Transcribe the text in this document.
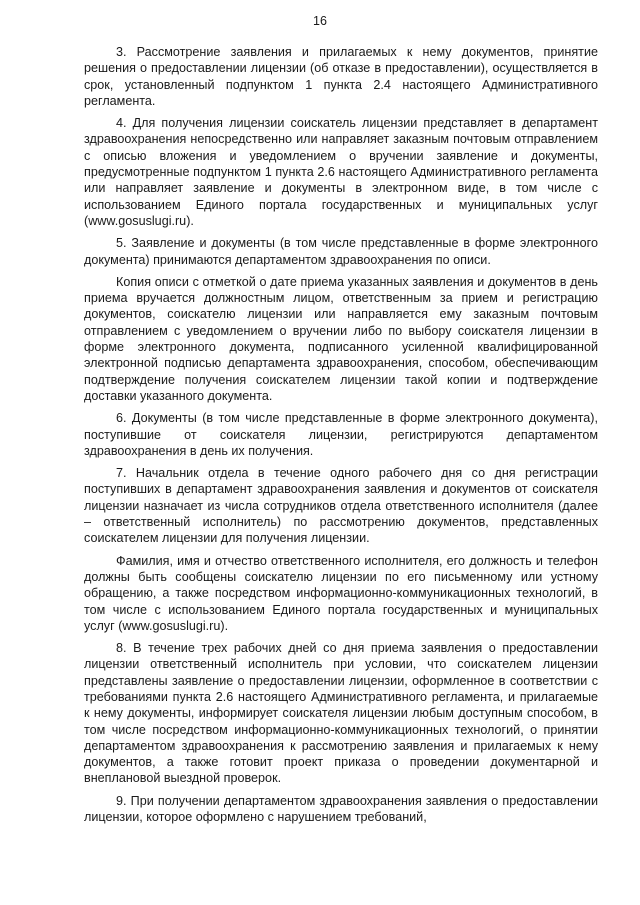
16

3. Рассмотрение заявления и прилагаемых к нему документов, принятие решения о предоставлении лицензии (об отказе в предоставлении), осуществляется в срок, установленный подпунктом 1 пункта 2.4 настоящего Административного регламента.

4. Для получения лицензии соискатель лицензии представляет в департамент здравоохранения непосредственно или направляет заказным почтовым отправлением с описью вложения и уведомлением о вручении заявление и документы, предусмотренные подпунктом 1 пункта 2.6 настоящего Административного регламента или направляет заявление и документы в электронном виде, в том числе с использованием Единого портала государственных и муниципальных услуг (www.gosuslugi.ru).

5. Заявление и документы (в том числе представленные в форме электронного документа) принимаются департаментом здравоохранения по описи.

Копия описи с отметкой о дате приема указанных заявления и документов в день приема вручается должностным лицом, ответственным за прием и регистрацию документов, соискателю лицензии или направляется ему заказным почтовым отправлением с уведомлением о вручении либо по выбору соискателя лицензии в форме электронного документа, подписанного усиленной квалифицированной электронной подписью департамента здравоохранения, способом, обеспечивающим подтверждение получения соискателем лицензии такой копии и подтверждение доставки указанного документа.

6. Документы (в том числе представленные в форме электронного документа), поступившие от соискателя лицензии, регистрируются департаментом здравоохранения в день их получения.

7. Начальник отдела в течение одного рабочего дня со дня регистрации поступивших в департамент здравоохранения заявления и документов от соискателя лицензии назначает из числа сотрудников отдела ответственного исполнителя (далее – ответственный исполнитель) по рассмотрению документов, представленных соискателем лицензии для получения лицензии.

Фамилия, имя и отчество ответственного исполнителя, его должность и телефон должны быть сообщены соискателю лицензии по его письменному или устному обращению, а также посредством информационно-коммуникационных технологий, в том числе с использованием Единого портала государственных и муниципальных услуг (www.gosuslugi.ru).

8. В течение трех рабочих дней со дня приема заявления о предоставлении лицензии ответственный исполнитель при условии, что соискателем лицензии представлены заявление о предоставлении лицензии, оформленное в соответствии с требованиями пункта 2.6 настоящего Административного регламента, и прилагаемые к нему документы, информирует соискателя лицензии любым доступным способом, в том числе посредством информационно-коммуникационных технологий, о принятии департаментом здравоохранения к рассмотрению заявления и прилагаемых к нему документов, а также готовит проект приказа о проведении документарной и внеплановой выездной проверок.

9. При получении департаментом здравоохранения заявления о предоставлении лицензии, которое оформлено с нарушением требований,
